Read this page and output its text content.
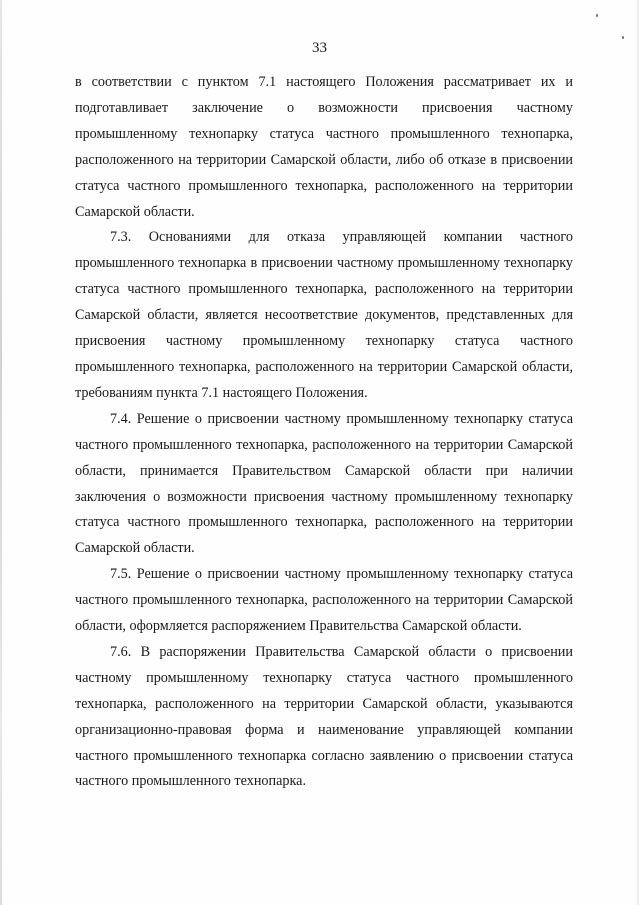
33

в соответствии с пунктом 7.1 настоящего Положения рассматривает их и подготавливает заключение о возможности присвоения частному промышленному технопарку статуса частного промышленного технопарка, расположенного на территории Самарской области, либо об отказе в присвоении статуса частного промышленного технопарка, расположенного на территории Самарской области.

7.3. Основаниями для отказа управляющей компании частного промышленного технопарка в присвоении частному промышленному технопарку статуса частного промышленного технопарка, расположенного на территории Самарской области, является несоответствие документов, представленных для присвоения частному промышленному технопарку статуса частного промышленного технопарка, расположенного на территории Самарской области, требованиям пункта 7.1 настоящего Положения.

7.4. Решение о присвоении частному промышленному технопарку статуса частного промышленного технопарка, расположенного на территории Самарской области, принимается Правительством Самарской области при наличии заключения о возможности присвоения частному промышленному технопарку статуса частного промышленного технопарка, расположенного на территории Самарской области.

7.5. Решение о присвоении частному промышленному технопарку статуса частного промышленного технопарка, расположенного на территории Самарской области, оформляется распоряжением Правительства Самарской области.

7.6. В распоряжении Правительства Самарской области о присвоении частному промышленному технопарку статуса частного промышленного технопарка, расположенного на территории Самарской области, указываются организационно-правовая форма и наименование управляющей компании частного промышленного технопарка согласно заявлению о присвоении статуса частного промышленного технопарка.
